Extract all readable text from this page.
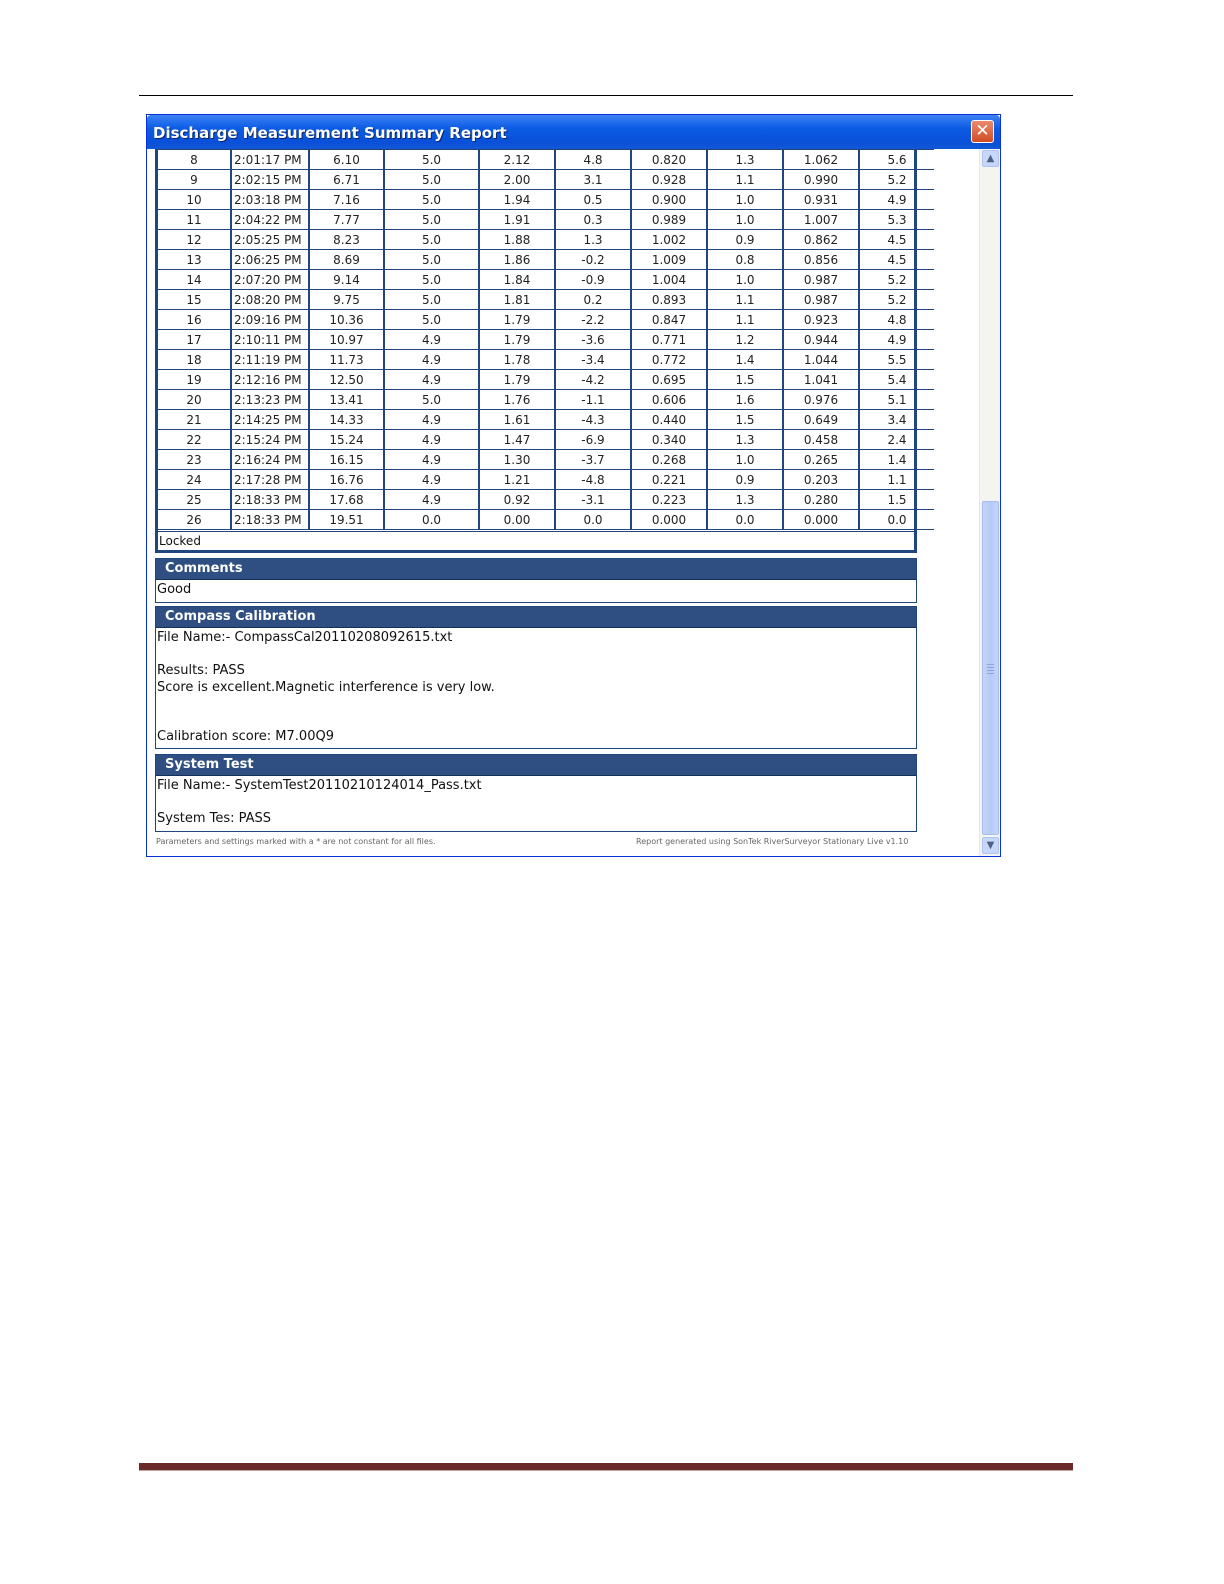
Discharge Measurement Summary Report	✕
8	2:01:17 PM	6.10	5.0	2.12	4.8	0.820	1.3	1.062	5.6
9	2:02:15 PM	6.71	5.0	2.00	3.1	0.928	1.1	0.990	5.2
10	2:03:18 PM	7.16	5.0	1.94	0.5	0.900	1.0	0.931	4.9
11	2:04:22 PM	7.77	5.0	1.91	0.3	0.989	1.0	1.007	5.3
12	2:05:25 PM	8.23	5.0	1.88	1.3	1.002	0.9	0.862	4.5
13	2:06:25 PM	8.69	5.0	1.86	-0.2	1.009	0.8	0.856	4.5
14	2:07:20 PM	9.14	5.0	1.84	-0.9	1.004	1.0	0.987	5.2
15	2:08:20 PM	9.75	5.0	1.81	0.2	0.893	1.1	0.987	5.2
16	2:09:16 PM	10.36	5.0	1.79	-2.2	0.847	1.1	0.923	4.8
17	2:10:11 PM	10.97	4.9	1.79	-3.6	0.771	1.2	0.944	4.9
18	2:11:19 PM	11.73	4.9	1.78	-3.4	0.772	1.4	1.044	5.5
19	2:12:16 PM	12.50	4.9	1.79	-4.2	0.695	1.5	1.041	5.4
20	2:13:23 PM	13.41	5.0	1.76	-1.1	0.606	1.6	0.976	5.1
21	2:14:25 PM	14.33	4.9	1.61	-4.3	0.440	1.5	0.649	3.4
22	2:15:24 PM	15.24	4.9	1.47	-6.9	0.340	1.3	0.458	2.4
23	2:16:24 PM	16.15	4.9	1.30	-3.7	0.268	1.0	0.265	1.4
24	2:17:28 PM	16.76	4.9	1.21	-4.8	0.221	0.9	0.203	1.1
25	2:18:33 PM	17.68	4.9	0.92	-3.1	0.223	1.3	0.280	1.5
26	2:18:33 PM	19.51	0.0	0.00	0.0	0.000	0.0	0.000	0.0
Locked
Comments
Good
Compass Calibration
File Name:- CompassCal20110208092615.txt
Results: PASS
Score is excellent.Magnetic interference is very low.
Calibration score: M7.00Q9
System Test
File Name:- SystemTest20110210124014_Pass.txt
System Tes: PASS
Parameters and settings marked with a * are not constant for all files.	Report generated using SonTek RiverSurveyor Stationary Live v1.10
▲
▼
